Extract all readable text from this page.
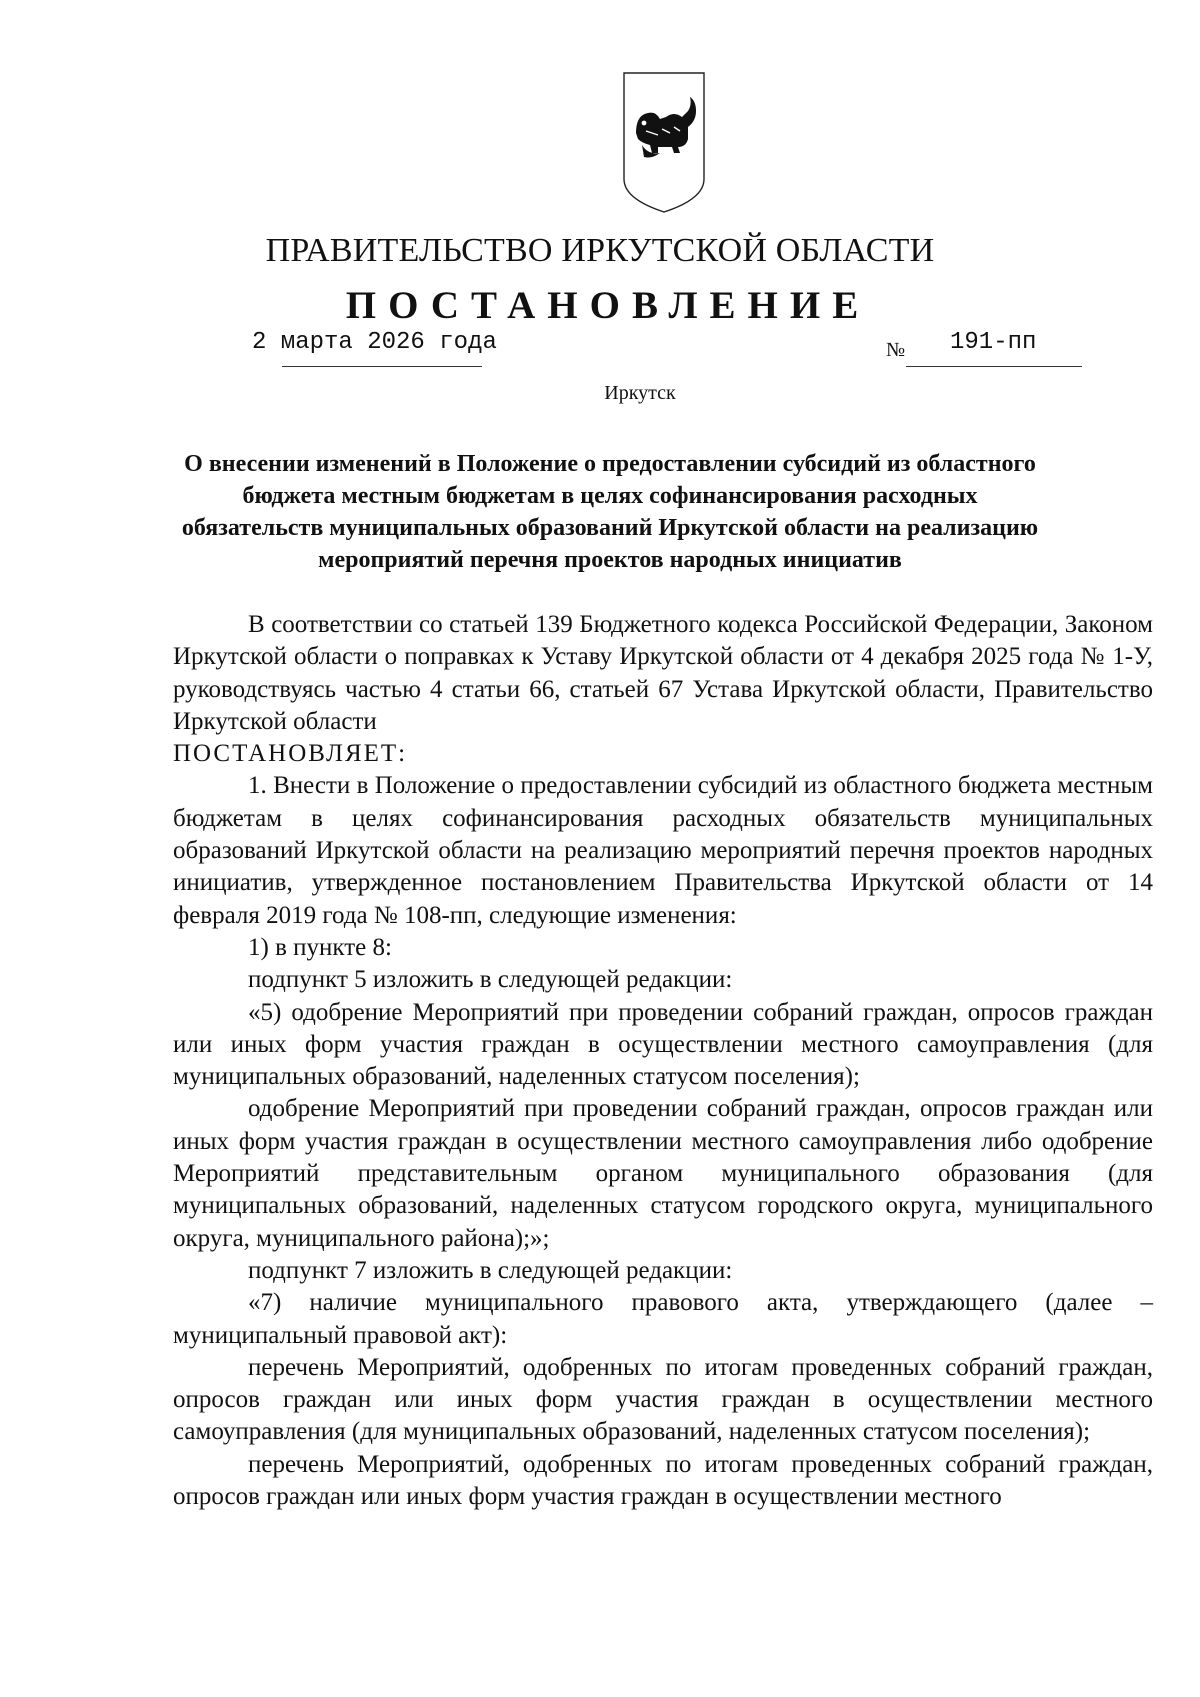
ПРАВИТЕЛЬСТВО ИРКУТСКОЙ ОБЛАСТИ
ПОСТАНОВЛЕНИЕ
2 марта 2026 года	№ 191-пп
Иркутск
О внесении изменений в Положение о предоставлении субсидий из областного бюджета местным бюджетам в целях софинансирования расходных обязательств муниципальных образований Иркутской области на реализацию мероприятий перечня проектов народных инициатив

В соответствии со статьей 139 Бюджетного кодекса Российской Федерации, Законом Иркутской области о поправках к Уставу Иркутской области от 4 декабря 2025 года № 1-У, руководствуясь частью 4 статьи 66, статьей 67 Устава Иркутской области, Правительство Иркутской области

ПОСТАНОВЛЯЕТ:

1. Внести в Положение о предоставлении субсидий из областного бюджета местным бюджетам в целях софинансирования расходных обязательств муниципальных образований Иркутской области на реализацию мероприятий перечня проектов народных инициатив, утвержденное постановлением Правительства Иркутской области от 14 февраля 2019 года № 108-пп, следующие изменения:

1) в пункте 8:

подпункт 5 изложить в следующей редакции:

«5) одобрение Мероприятий при проведении собраний граждан, опросов граждан или иных форм участия граждан в осуществлении местного самоуправления (для муниципальных образований, наделенных статусом поселения);

одобрение Мероприятий при проведении собраний граждан, опросов граждан или иных форм участия граждан в осуществлении местного самоуправления либо одобрение Мероприятий представительным органом муниципального образования (для муниципальных образований, наделенных статусом городского округа, муниципального округа, муниципального района);»;

подпункт 7 изложить в следующей редакции:

«7) наличие муниципального правового акта, утверждающего (далее – муниципальный правовой акт):

перечень Мероприятий, одобренных по итогам проведенных собраний граждан, опросов граждан или иных форм участия граждан в осуществлении местного самоуправления (для муниципальных образований, наделенных статусом поселения);

перечень Мероприятий, одобренных по итогам проведенных собраний граждан, опросов граждан или иных форм участия граждан в осуществлении местного
